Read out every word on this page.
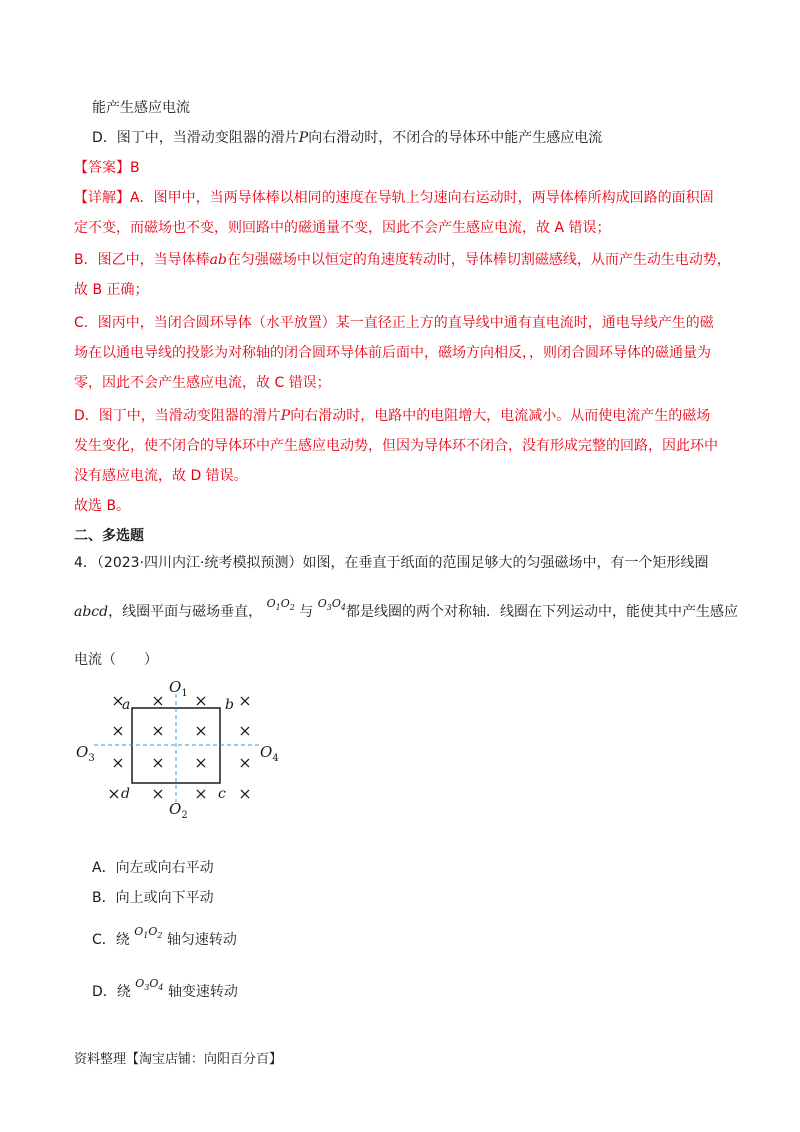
能产生感应电流
D．图丁中，当滑动变阻器的滑片P向右滑动时，不闭合的导体环中能产生感应电流
【答案】B
【详解】A．图甲中，当两导体棒以相同的速度在导轨上匀速向右运动时，两导体棒所构成回路的面积固
定不变，而磁场也不变，则回路中的磁通量不变，因此不会产生感应电流，故 A 错误；
B．图乙中，当导体棒ab在匀强磁场中以恒定的角速度转动时，导体棒切割磁感线，从而产生动生电动势，
故 B 正确；
C．图丙中，当闭合圆环导体（水平放置）某一直径正上方的直导线中通有直电流时，通电导线产生的磁
场在以通电导线的投影为对称轴的闭合圆环导体前后面中，磁场方向相反，，则闭合圆环导体的磁通量为
零，因此不会产生感应电流，故 C 错误；
D．图丁中，当滑动变阻器的滑片P向右滑动时，电路中的电阻增大，电流减小。从而使电流产生的磁场
发生变化，使不闭合的导体环中产生感应电动势，但因为导体环不闭合，没有形成完整的回路，因此环中
没有感应电流，故 D 错误。
故选 B。
二、多选题
4．（2023·四川内江·统考模拟预测）如图，在垂直于纸面的范围足够大的匀强磁场中，有一个矩形线圈
abcd，线圈平面与磁场垂直， $^{O_1O_2}$ 与 $^{O_3O_4}$都是线圈的两个对称轴．线圈在下列运动中，能使其中产生感应
电流（　　）
× × × ×
× × × ×
× × × ×
× × × ×
a	b
c
d
$O_1$
$O_2$
$O_3$	$O_4$
A．向左或向右平动
B．向上或向下平动
C．绕 $^{O_1O_2}$ 轴匀速转动
D．绕 $^{O_3O_4}$ 轴变速转动
资料整理【淘宝店铺：向阳百分百】
